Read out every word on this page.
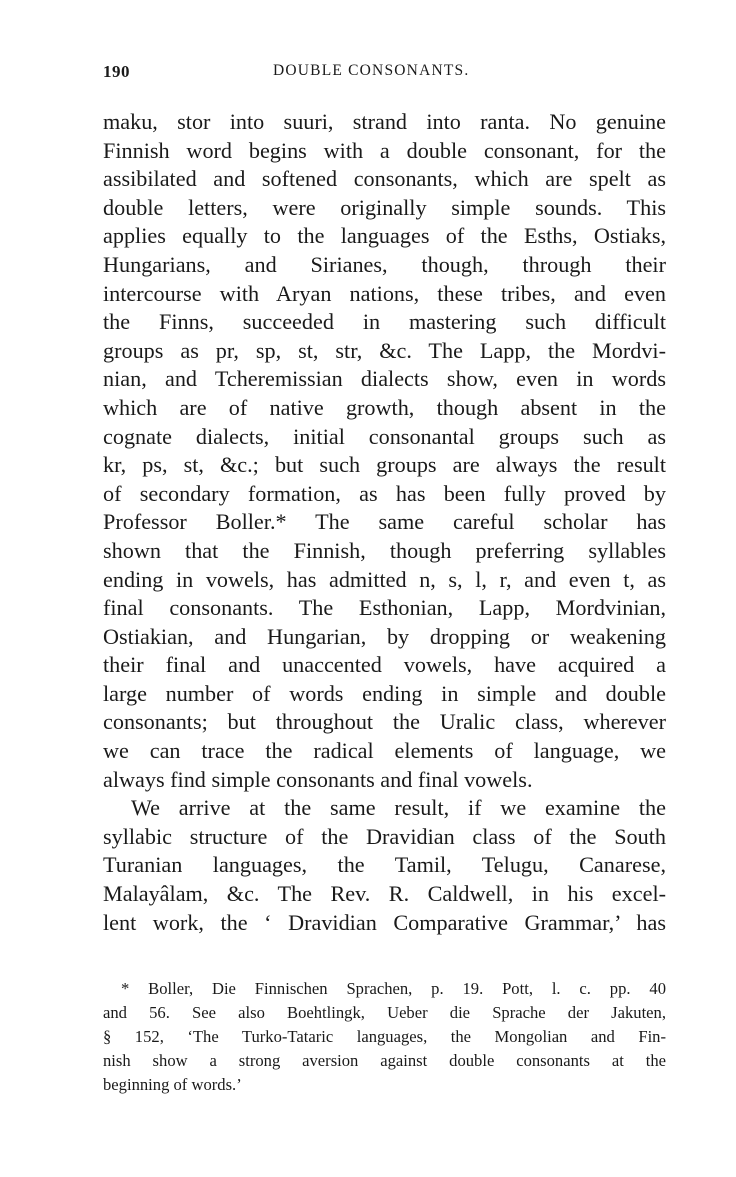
190	DOUBLE CONSONANTS.
maku, stor into suuri, strand into ranta. No genuine
Finnish word begins with a double consonant, for the
assibilated and softened consonants, which are spelt as
double letters, were originally simple sounds. This
applies equally to the languages of the Esths, Ostiaks,
Hungarians, and Sirianes, though, through their
intercourse with Aryan nations, these tribes, and even
the Finns, succeeded in mastering such difficult
groups as pr, sp, st, str, &c. The Lapp, the Mordvi-
nian, and Tcheremissian dialects show, even in words
which are of native growth, though absent in the
cognate dialects, initial consonantal groups such as
kr, ps, st, &c.; but such groups are always the result
of secondary formation, as has been fully proved by
Professor Boller.* The same careful scholar has
shown that the Finnish, though preferring syllables
ending in vowels, has admitted n, s, l, r, and even t, as
final consonants. The Esthonian, Lapp, Mordvinian,
Ostiakian, and Hungarian, by dropping or weakening
their final and unaccented vowels, have acquired a
large number of words ending in simple and double
consonants; but throughout the Uralic class, wherever
we can trace the radical elements of language, we
always find simple consonants and final vowels.
We arrive at the same result, if we examine the
syllabic structure of the Dravidian class of the South
Turanian languages, the Tamil, Telugu, Canarese,
Malayâlam, &c. The Rev. R. Caldwell, in his excel-
lent work, the ‘ Dravidian Comparative Grammar,’ has
* Boller, Die Finnischen Sprachen, p. 19. Pott, l. c. pp. 40
and 56. See also Boehtlingk, Ueber die Sprache der Jakuten,
§ 152, ‘The Turko-Tataric languages, the Mongolian and Fin-
nish show a strong aversion against double consonants at the
beginning of words.’
